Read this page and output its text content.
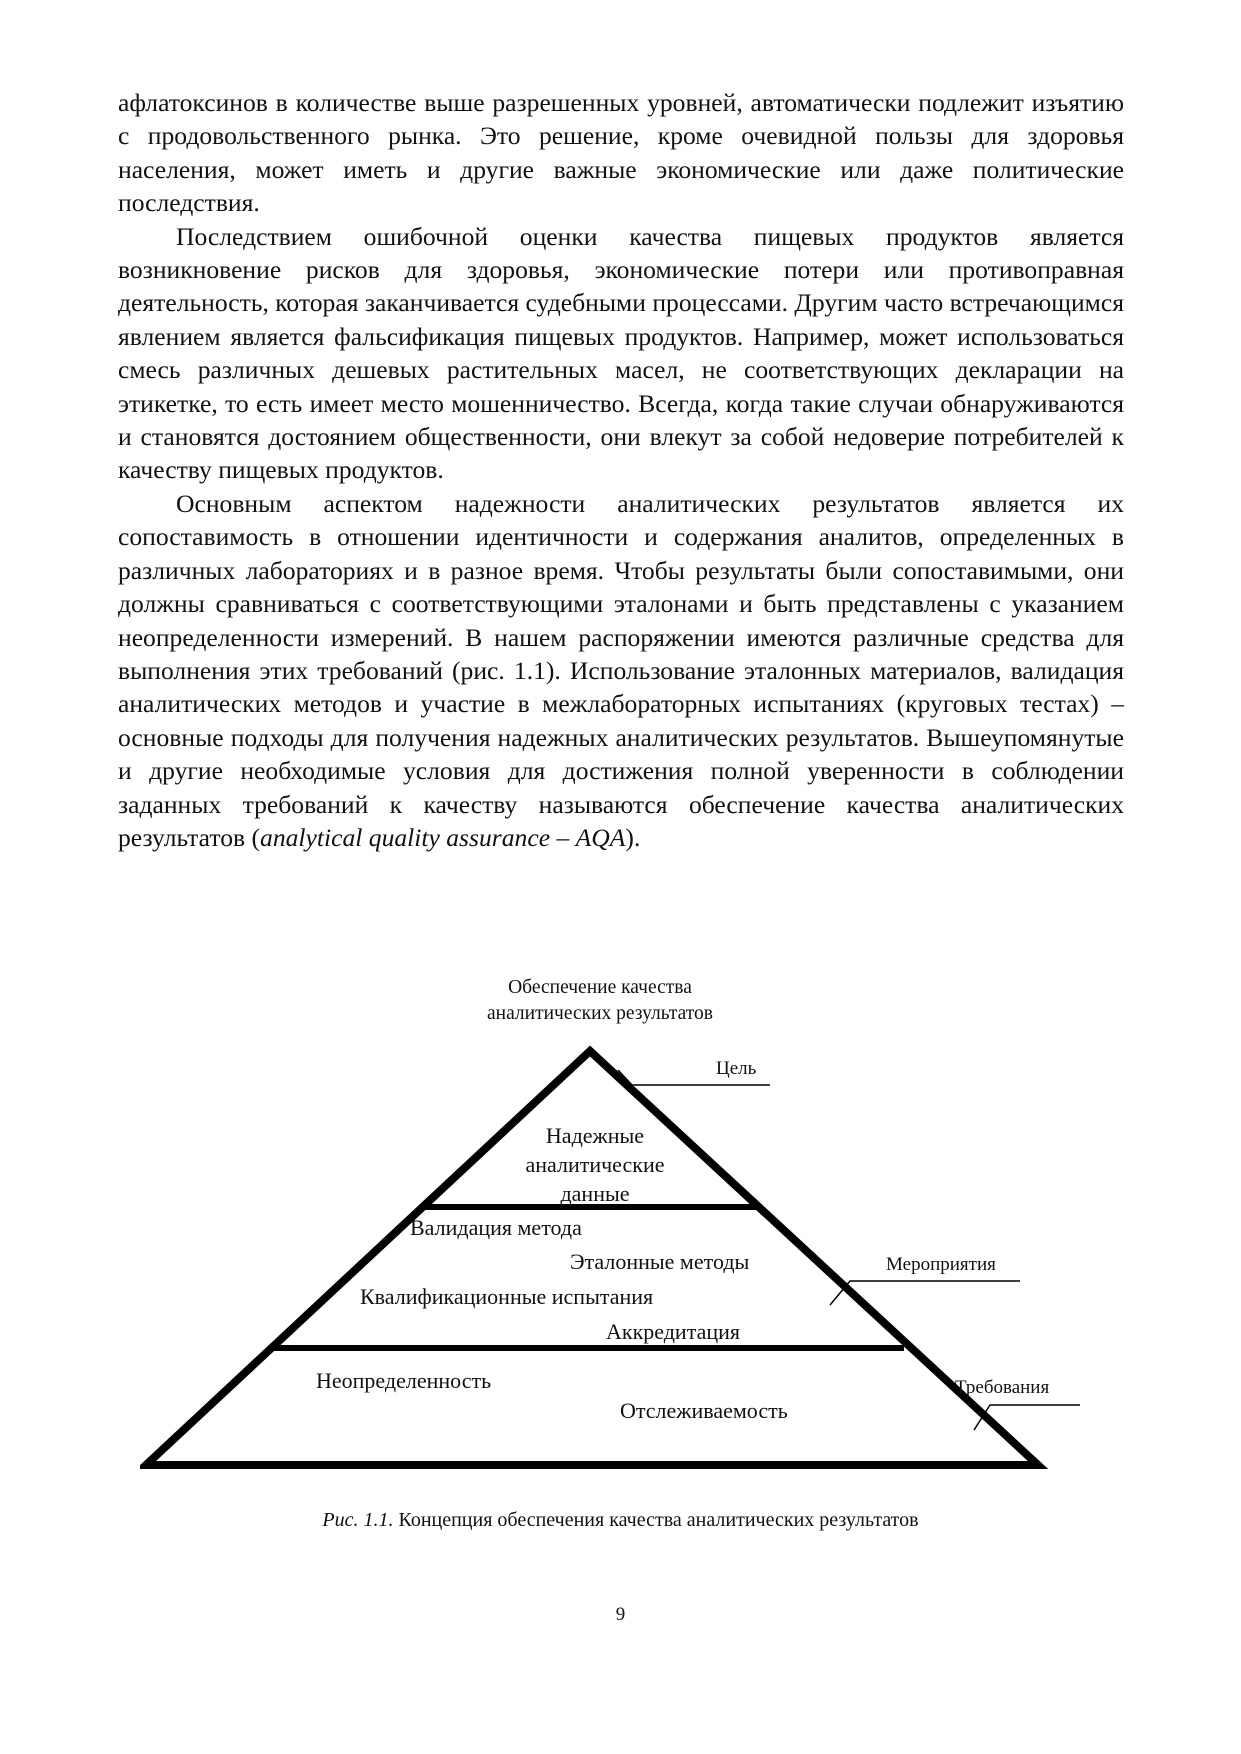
афлатоксинов в количестве выше разрешенных уровней, автоматически подлежит изъятию с продовольственного рынка. Это решение, кроме очевидной пользы для здоровья населения, может иметь и другие важные экономические или даже политические последствия.

Последствием ошибочной оценки качества пищевых продуктов является возникновение рисков для здоровья, экономические потери или противоправная деятельность, которая заканчивается судебными процессами. Другим часто встречающимся явлением является фальсификация пищевых продуктов. Например, может использоваться смесь различных дешевых растительных масел, не соответствующих декларации на этикетке, то есть имеет место мошенничество. Всегда, когда такие случаи обнаруживаются и становятся достоянием общественности, они влекут за собой недоверие потребителей к качеству пищевых продуктов.

Основным аспектом надежности аналитических результатов является их сопоставимость в отношении идентичности и содержания аналитов, определенных в различных лабораториях и в разное время. Чтобы результаты были сопоставимыми, они должны сравниваться с соответствующими эталонами и быть представлены с указанием неопределенности измерений. В нашем распоряжении имеются различные средства для выполнения этих требований (рис. 1.1). Использование эталонных материалов, валидация аналитических методов и участие в межлабораторных испытаниях (круговых тестах) – основные подходы для получения надежных аналитических результатов. Вышеупомянутые и другие необходимые условия для достижения полной уверенности в соблюдении заданных требований к качеству называются обеспечение качества аналитических результатов (analytical quality assurance – AQA).

Обеспечение качества
аналитических результатов
Надежные
аналитические
данные
Валидация метода
Эталонные методы
Квалификационные испытания
Аккредитация
Неопределенность
Отслеживаемость
Цель
Мероприятия
Требования
Рис. 1.1. Концепция обеспечения качества аналитических результатов
9
